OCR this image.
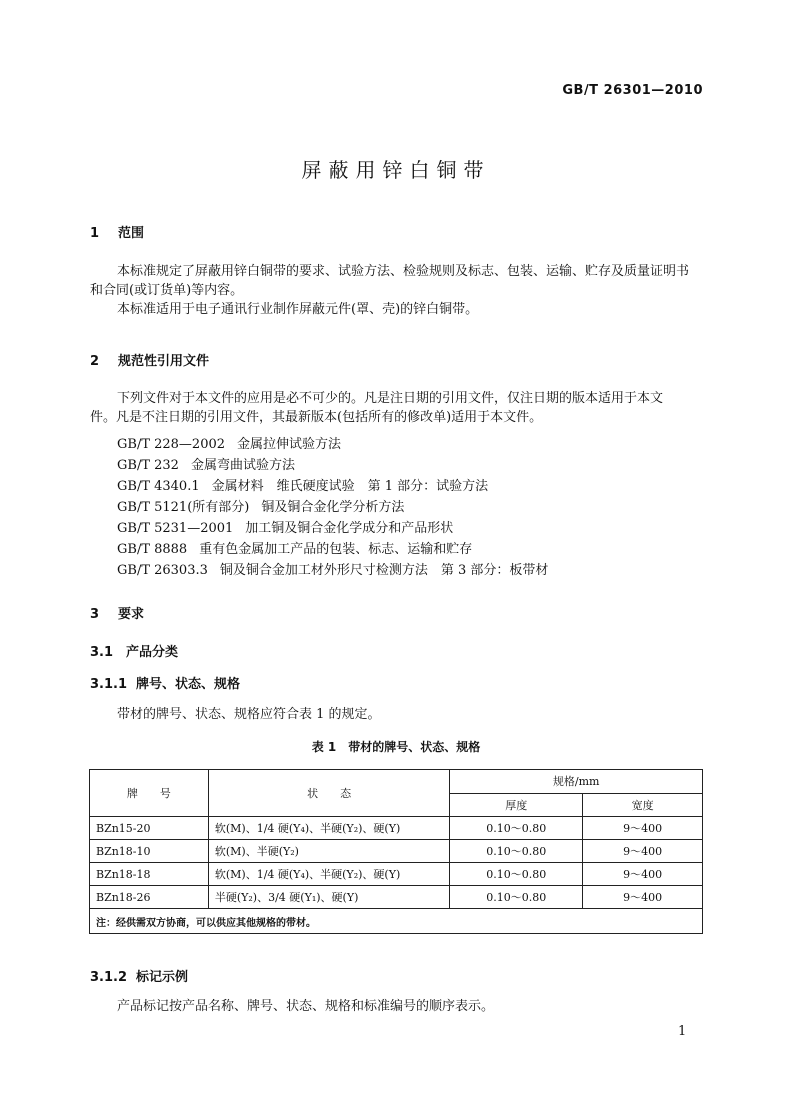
GB/T 26301—2010
屏蔽用锌白铜带
1 范围
本标准规定了屏蔽用锌白铜带的要求、试验方法、检验规则及标志、包装、运输、贮存及质量证明书
和合同(或订货单)等内容。
本标准适用于电子通讯行业制作屏蔽元件(罩、壳)的锌白铜带。
2 规范性引用文件
下列文件对于本文件的应用是必不可少的。凡是注日期的引用文件，仅注日期的版本适用于本文
件。凡是不注日期的引用文件，其最新版本(包括所有的修改单)适用于本文件。
GB/T 228—2002 金属拉伸试验方法
GB/T 232 金属弯曲试验方法
GB/T 4340.1 金属材料　维氏硬度试验　第 1 部分：试验方法
GB/T 5121(所有部分) 铜及铜合金化学分析方法
GB/T 5231—2001 加工铜及铜合金化学成分和产品形状
GB/T 8888 重有色金属加工产品的包装、标志、运输和贮存
GB/T 26303.3 铜及铜合金加工材外形尺寸检测方法　第 3 部分：板带材
3 要求
3.1 产品分类
3.1.1 牌号、状态、规格
带材的牌号、状态、规格应符合表 1 的规定。
表 1　带材的牌号、状态、规格
牌　　号	状　　态	规格/mm	
		厚度	宽度
BZn15-20	软(M)、1/4 硬(Y₄)、半硬(Y₂)、硬(Y)	0.10～0.80	9～400
BZn18-10	软(M)、半硬(Y₂)	0.10～0.80	9～400
BZn18-18	软(M)、1/4 硬(Y₄)、半硬(Y₂)、硬(Y)	0.10～0.80	9～400
BZn18-26	半硬(Y₂)、3/4 硬(Y₁)、硬(Y)	0.10～0.80	9～400
注：经供需双方协商，可以供应其他规格的带材。			
3.1.2 标记示例
产品标记按产品名称、牌号、状态、规格和标准编号的顺序表示。
1
